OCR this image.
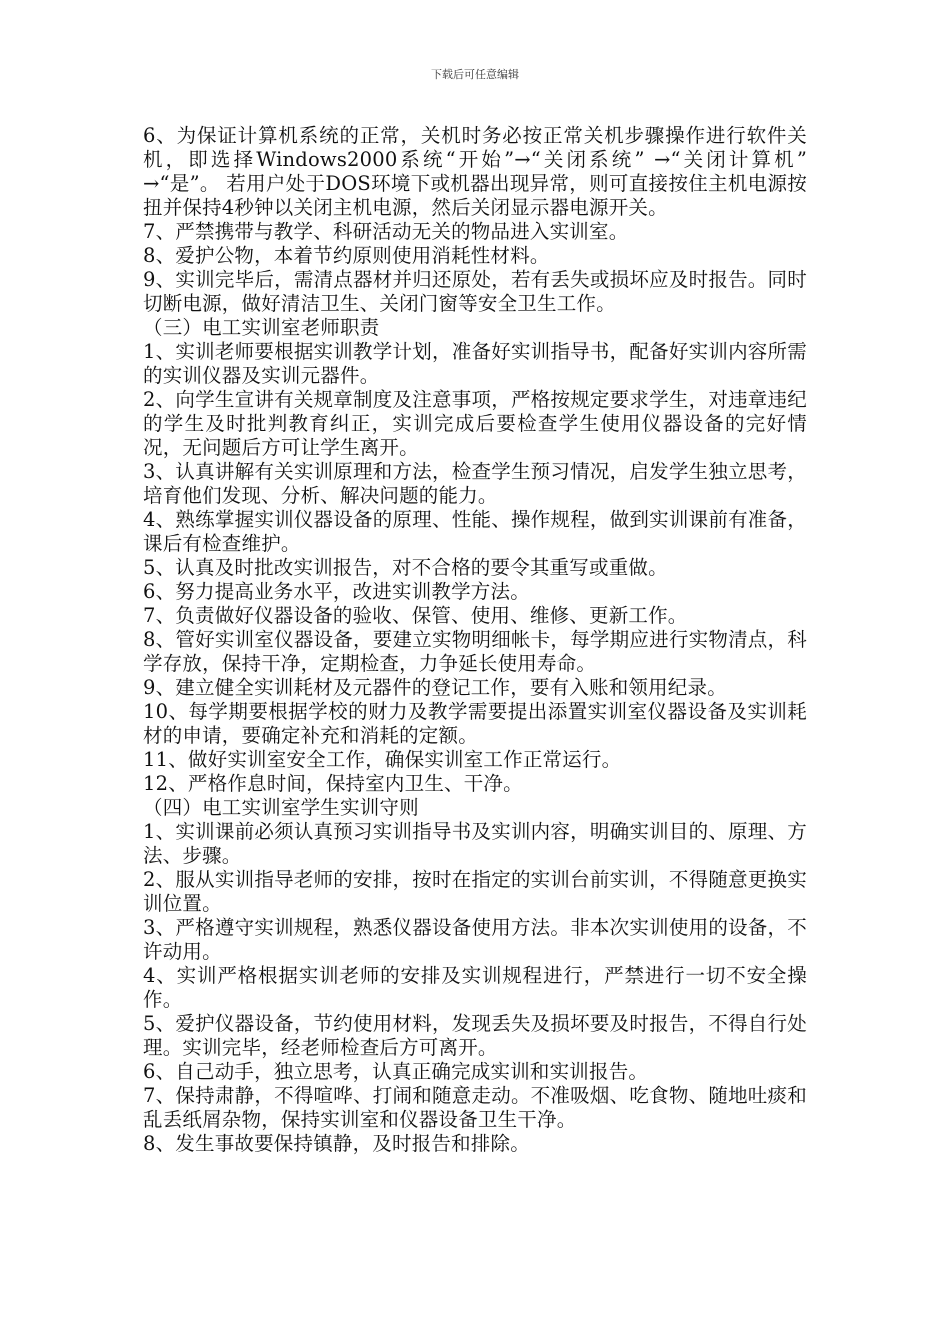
下载后可任意编辑

6、为保证计算机系统的正常，关机时务必按正常关机步骤操作进行软件关机，即选择Windows2000系统“开始”→“关闭系统” →“关闭计算机” →“是”。 若用户处于DOS环境下或机器出现异常，则可直接按住主机电源按扭并保持4秒钟以关闭主机电源，然后关闭显示器电源开关。

7、严禁携带与教学、科研活动无关的物品进入实训室。

8、爱护公物，本着节约原则使用消耗性材料。

9、实训完毕后，需清点器材并归还原处，若有丢失或损坏应及时报告。同时切断电源，做好清洁卫生、关闭门窗等安全卫生工作。

（三）电工实训室老师职责

1、实训老师要根据实训教学计划，准备好实训指导书，配备好实训内容所需的实训仪器及实训元器件。

2、向学生宣讲有关规章制度及注意事项，严格按规定要求学生，对违章违纪的学生及时批判教育纠正，实训完成后要检查学生使用仪器设备的完好情况，无问题后方可让学生离开。

3、认真讲解有关实训原理和方法，检查学生预习情况，启发学生独立思考，培育他们发现、分析、解决问题的能力。

4、熟练掌握实训仪器设备的原理、性能、操作规程，做到实训课前有准备，课后有检查维护。

5、认真及时批改实训报告，对不合格的要令其重写或重做。

6、努力提高业务水平，改进实训教学方法。

7、负责做好仪器设备的验收、保管、使用、维修、更新工作。

8、管好实训室仪器设备，要建立实物明细帐卡，每学期应进行实物清点，科学存放，保持干净，定期检查，力争延长使用寿命。

9、建立健全实训耗材及元器件的登记工作，要有入账和领用纪录。

10、每学期要根据学校的财力及教学需要提出添置实训室仪器设备及实训耗材的申请，要确定补充和消耗的定额。

11、做好实训室安全工作，确保实训室工作正常运行。

12、严格作息时间，保持室内卫生、干净。

（四）电工实训室学生实训守则

1、实训课前必须认真预习实训指导书及实训内容，明确实训目的、原理、方法、步骤。

2、服从实训指导老师的安排，按时在指定的实训台前实训，不得随意更换实训位置。

3、严格遵守实训规程，熟悉仪器设备使用方法。非本次实训使用的设备，不许动用。

4、实训严格根据实训老师的安排及实训规程进行，严禁进行一切不安全操作。

5、爱护仪器设备，节约使用材料，发现丢失及损坏要及时报告，不得自行处理。实训完毕，经老师检查后方可离开。

6、自己动手，独立思考，认真正确完成实训和实训报告。

7、保持肃静，不得喧哗、打闹和随意走动。不准吸烟、吃食物、随地吐痰和乱丢纸屑杂物，保持实训室和仪器设备卫生干净。

8、发生事故要保持镇静，及时报告和排除。
